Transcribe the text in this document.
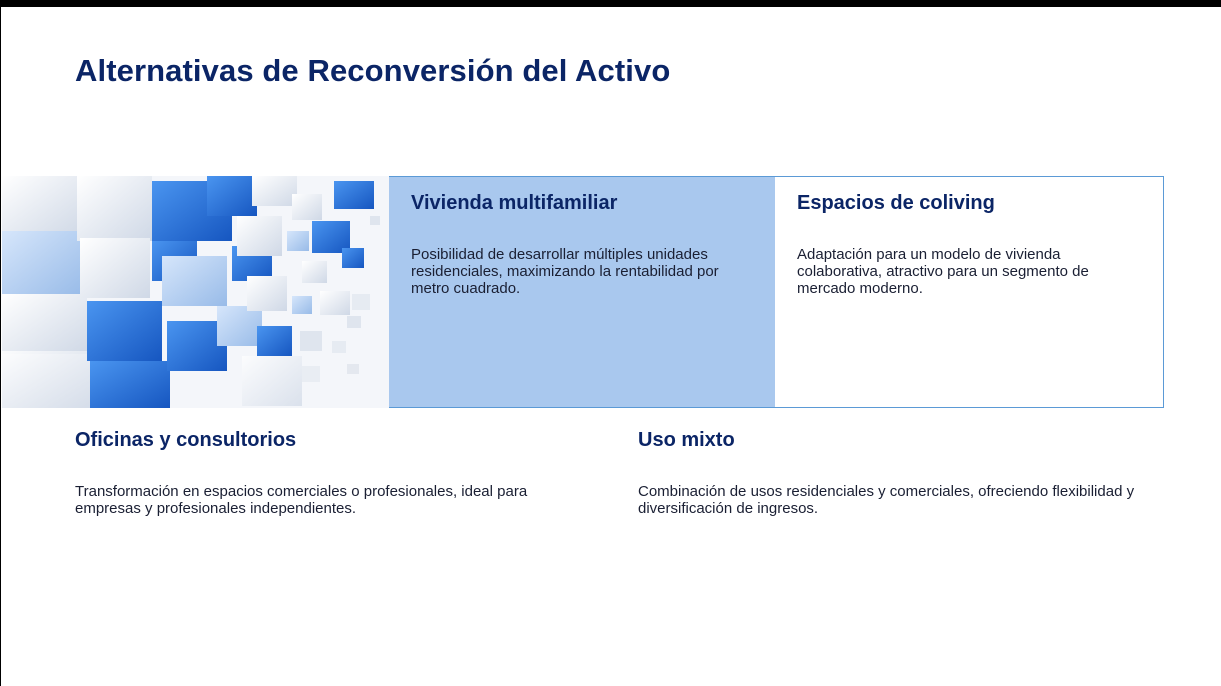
Alternativas de Reconversión del Activo

Vivienda multifamiliar

Posibilidad de desarrollar múltiples unidades residenciales, maximizando la rentabilidad por metro cuadrado.

Espacios de coliving

Adaptación para un modelo de vivienda colaborativa, atractivo para un segmento de mercado moderno.

Oficinas y consultorios

Transformación en espacios comerciales o profesionales, ideal para empresas y profesionales independientes.

Uso mixto

Combinación de usos residenciales y comerciales, ofreciendo flexibilidad y diversificación de ingresos.
